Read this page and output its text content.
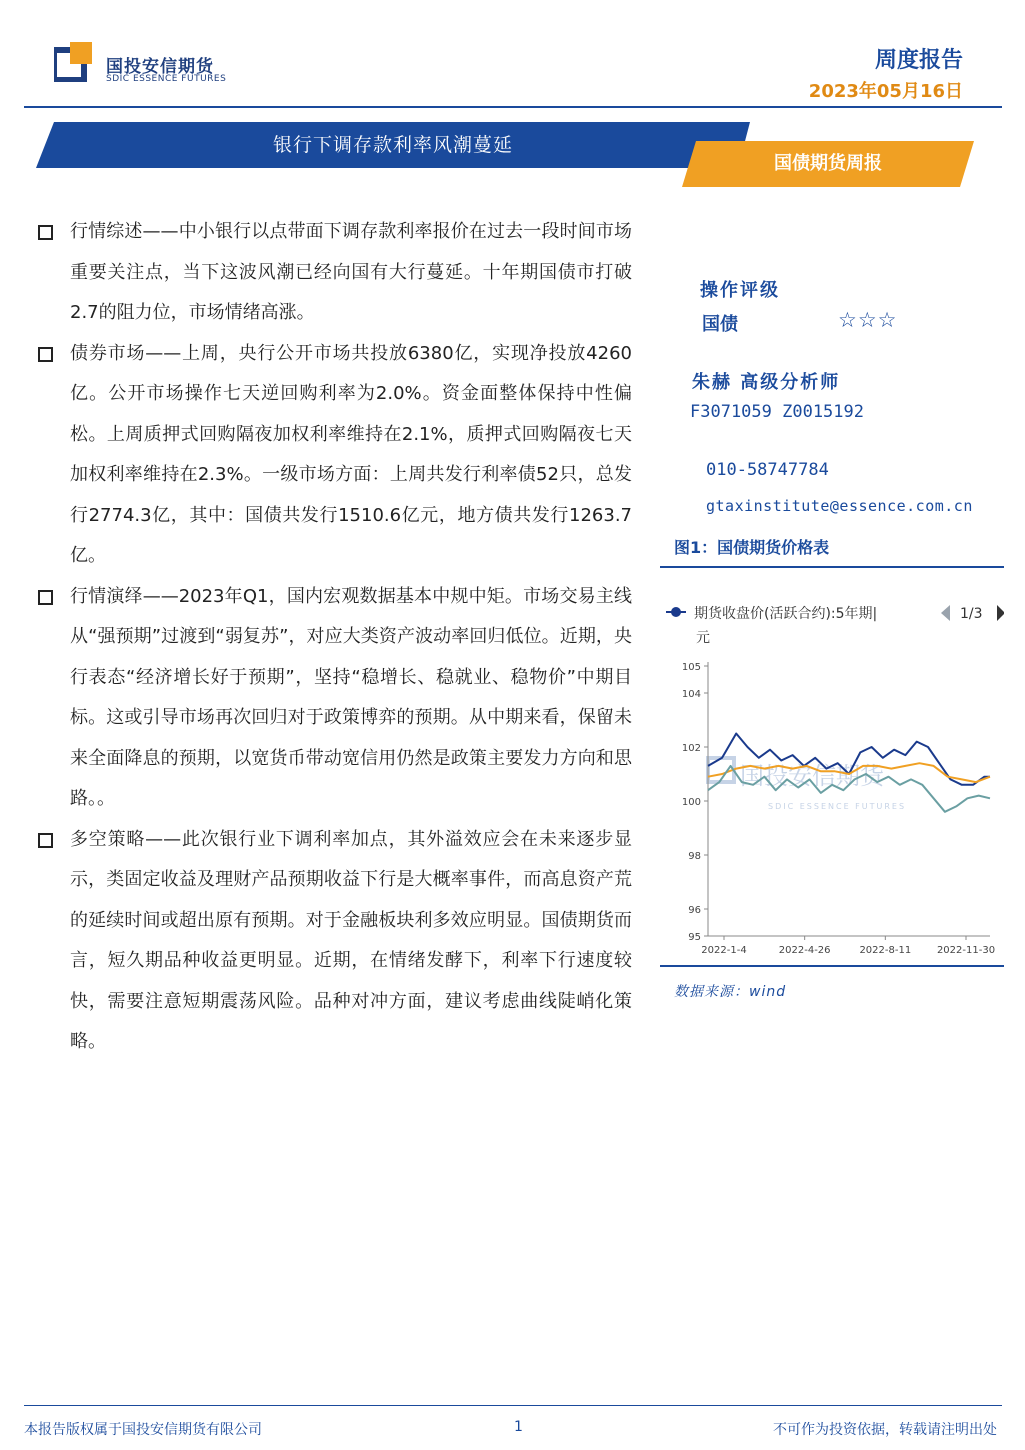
国投安信期货
SDIC ESSENCE FUTURES
周度报告
2023年05月16日
银行下调存款利率风潮蔓延
国债期货周报

行情综述——中小银行以点带面下调存款利率报价在过去一段时间市场重要关注点，当下这波风潮已经向国有大行蔓延。十年期国债市打破2.7的阻力位，市场情绪高涨。

债券市场——上周，央行公开市场共投放6380亿，实现净投放4260亿。公开市场操作七天逆回购利率为2.0%。资金面整体保持中性偏松。上周质押式回购隔夜加权利率维持在2.1%，质押式回购隔夜七天加权利率维持在2.3%。一级市场方面：上周共发行利率债52只，总发行2774.3亿，其中：国债共发行1510.6亿元，地方债共发行1263.7亿。

行情演绎——2023年Q1，国内宏观数据基本中规中矩。市场交易主线从“强预期”过渡到“弱复苏”，对应大类资产波动率回归低位。近期，央行表态“经济增长好于预期”，坚持“稳增长、稳就业、稳物价”中期目标。这或引导市场再次回归对于政策博弈的预期。从中期来看，保留未来全面降息的预期，以宽货币带动宽信用仍然是政策主要发力方向和思路。。

多空策略——此次银行业下调利率加点，其外溢效应会在未来逐步显示，类固定收益及理财产品预期收益下行是大概率事件，而高息资产荒的延续时间或超出原有预期。对于金融板块利多效应明显。国债期货而言，短久期品种收益更明显。近期，在情绪发酵下，利率下行速度较快，需要注意短期震荡风险。品种对冲方面，建议考虑曲线陡峭化策略。

操作评级
国债	☆☆☆
朱赫 高级分析师
F3071059 Z0015192
010-58747784
gtaxinstitute@essence.com.cn
图1：国债期货价格表
期货收盘价(活跃合约):5年期|	1/3
元
国投安信期货
SDIC ESSENCE FUTURES
95
96
98
100
102
104
105
2022-1-4	2022-4-26	2022-8-11	2022-11-30
数据来源：wind
本报告版权属于国投安信期货有限公司	1	不可作为投资依据，转载请注明出处
